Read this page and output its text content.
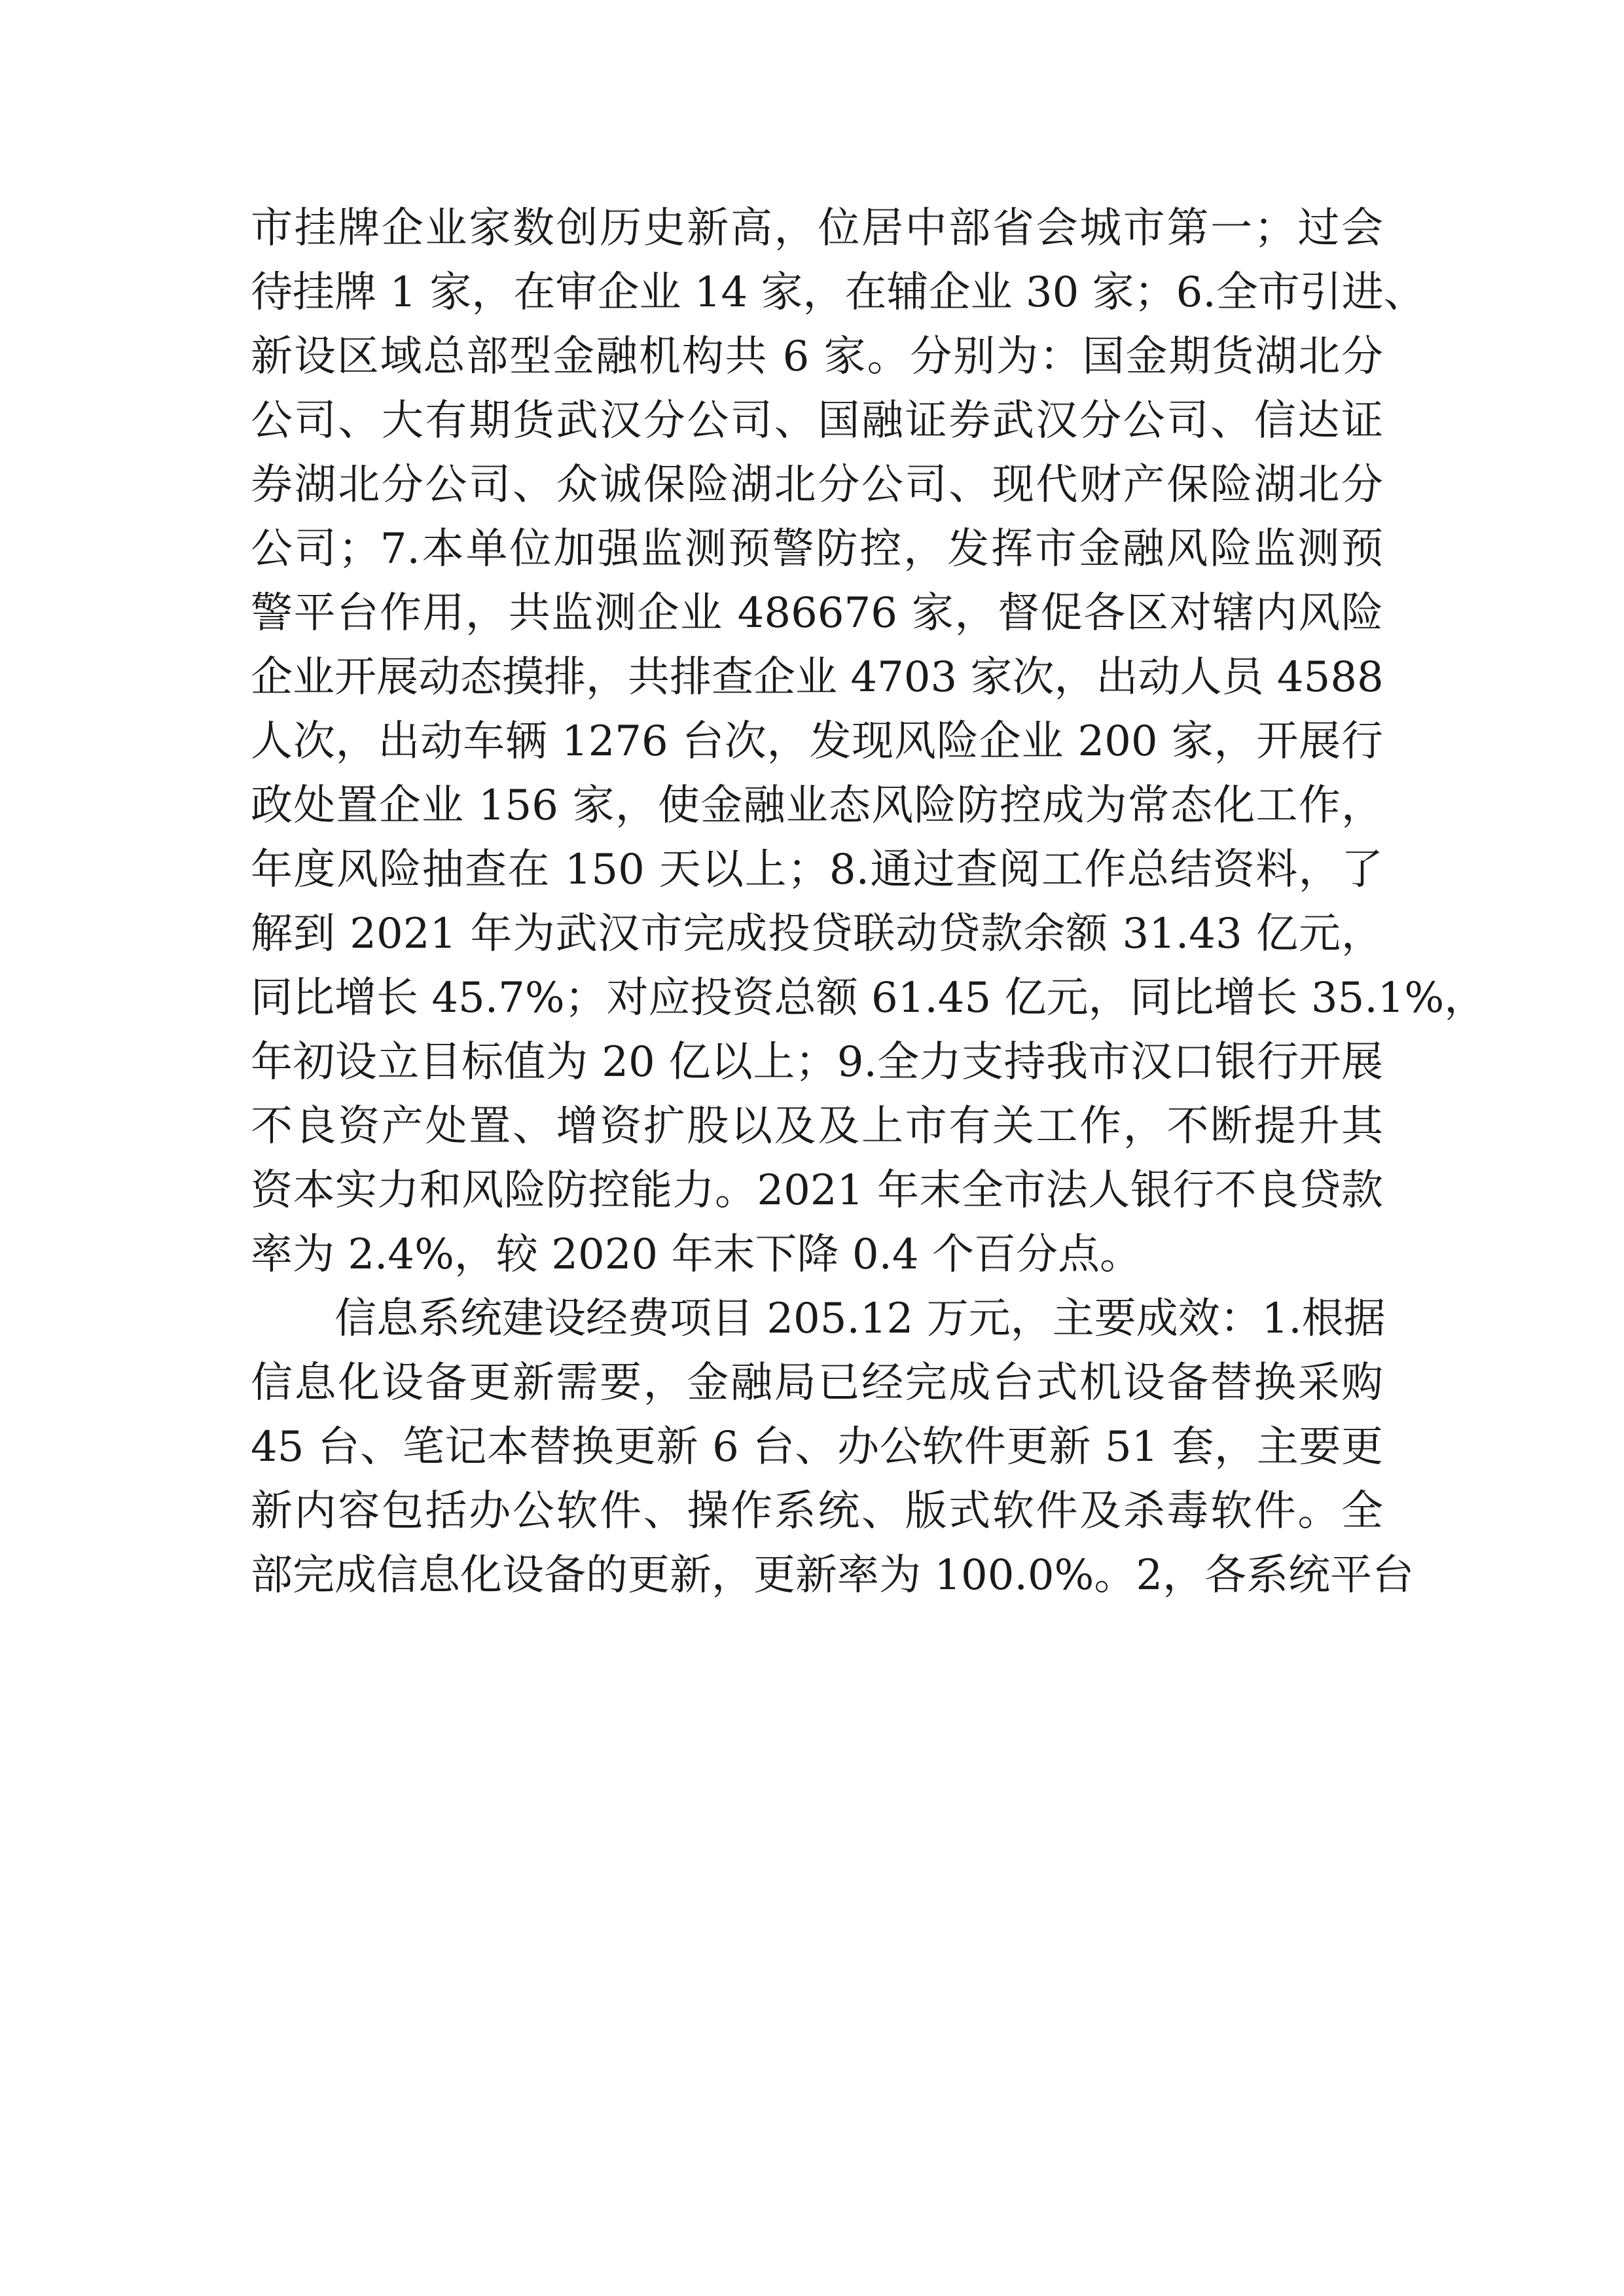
市挂牌企业家数创历史新高，位居中部省会城市第一；过会
待挂牌 1 家，在审企业 14 家，在辅企业 30 家；6.全市引进、
新设区域总部型金融机构共 6 家。分别为：国金期货湖北分
公司、大有期货武汉分公司、国融证券武汉分公司、信达证
券湖北分公司、众诚保险湖北分公司、现代财产保险湖北分
公司；7.本单位加强监测预警防控，发挥市金融风险监测预
警平台作用，共监测企业 486676 家，督促各区对辖内风险
企业开展动态摸排，共排查企业 4703 家次，出动人员 4588
人次，出动车辆 1276 台次，发现风险企业 200 家，开展行
政处置企业 156 家，使金融业态风险防控成为常态化工作，
年度风险抽查在 150 天以上；8.通过查阅工作总结资料，了
解到 2021 年为武汉市完成投贷联动贷款余额 31.43 亿元，
同比增长 45.7%；对应投资总额 61.45 亿元，同比增长 35.1%，
年初设立目标值为 20 亿以上；9.全力支持我市汉口银行开展
不良资产处置、增资扩股以及及上市有关工作，不断提升其
资本实力和风险防控能力。2021 年末全市法人银行不良贷款
率为 2.4%，较 2020 年末下降 0.4 个百分点。
信息系统建设经费项目 205.12 万元，主要成效：1.根据
信息化设备更新需要，金融局已经完成台式机设备替换采购
45 台、笔记本替换更新 6 台、办公软件更新 51 套，主要更
新内容包括办公软件、操作系统、版式软件及杀毒软件。全
部完成信息化设备的更新，更新率为 100.0%。2，各系统平台
